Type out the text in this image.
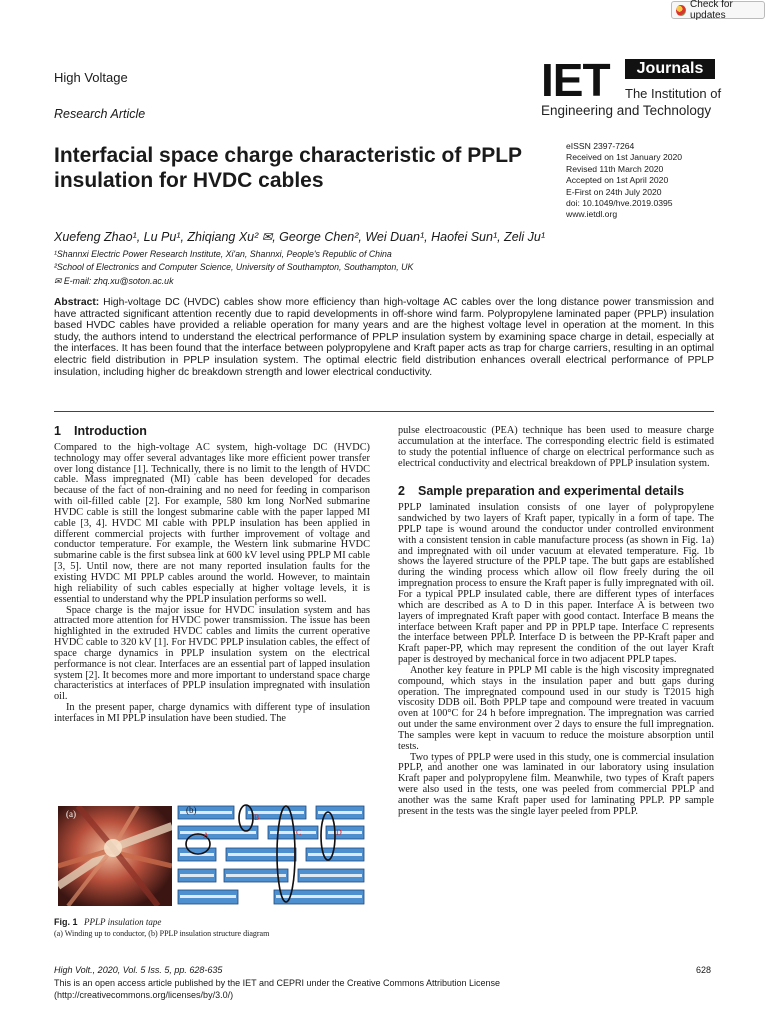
Check for updates
High Voltage
Research Article
IET	Journals
The Institution of
Engineering and Technology
Interfacial space charge characteristic of PPLP insulation for HVDC cables
eISSN 2397-7264
Received on 1st January 2020
Revised 11th March 2020
Accepted on 1st April 2020
E-First on 24th July 2020
doi: 10.1049/hve.2019.0395
www.ietdl.org
Xuefeng Zhao¹, Lu Pu¹, Zhiqiang Xu² ✉, George Chen², Wei Duan¹, Haofei Sun¹, Zeli Ju¹
¹Shannxi Electric Power Research Institute, Xi'an, Shannxi, People's Republic of China
²School of Electronics and Computer Science, University of Southampton, Southampton, UK
✉ E-mail: zhq.xu@soton.ac.uk
Abstract: High-voltage DC (HVDC) cables show more efficiency than high-voltage AC cables over the long distance power transmission and have attracted significant attention recently due to rapid developments in off-shore wind farm. Polypropylene laminated paper (PPLP) insulation based HVDC cables have provided a reliable operation for many years and are the highest voltage level in operation at the moment. In this study, the authors intend to understand the electrical performance of PPLP insulation system by examining space charge in detail, especially at the interfaces. It has been found that the interface between polypropylene and Kraft paper acts as trap for charge carriers, resulting in an optimal electric field distribution in PPLP insulation system. The optimal electric field distribution enhances overall electrical performance of PPLP insulation, including higher dc breakdown strength and lower electrical conductivity.
1 Introduction

Compared to the high-voltage AC system, high-voltage DC (HVDC) technology may offer several advantages like more efficient power transfer over long distance [1]. Technically, there is no limit to the length of HVDC cable. Mass impregnated (MI) cable has been developed for decades because of the fact of non-draining and no need for feeding in comparison with oil-filled cable [2]. For example, 580 km long NorNed submarine HVDC cable is still the longest submarine cable with the paper lapped MI cable [3, 4]. HVDC MI cable with PPLP insulation has been applied in different commercial projects with further improvement of voltage and conductor temperature. For example, the Western link submarine HVDC submarine cable is the first subsea link at 600 kV level using PPLP MI cable [3, 5]. Until now, there are not many reported insulation faults for the existing HVDC MI PPLP cables around the world. However, to maintain high reliability of such cables especially at higher voltage levels, it is essential to understand why the PPLP insulation performs so well.

Space charge is the major issue for HVDC insulation system and has attracted more attention for HVDC power transmission. The issue has been highlighted in the extruded HVDC cables and limits the current operative HVDC cable to 320 kV [1]. For HVDC PPLP insulation cables, the effect of space charge dynamics in PPLP insulation system on the electrical performance is not clear. Interfaces are an essential part of lapped insulation system [2]. It becomes more and more important to understand space charge characteristics at interfaces of PPLP insulation impregnated with insulation oil.

In the present paper, charge dynamics with different type of insulation interfaces in MI PPLP insulation have been studied. The

(a)	(b)
A
B
C	D
Fig. 1 PPLP insulation tape
(a) Winding up to conductor, (b) PPLP insulation structure diagram

pulse electroacoustic (PEA) technique has been used to measure charge accumulation at the interface. The corresponding electric field is estimated to study the potential influence of charge on electrical performance such as electrical conductivity and electrical breakdown of PPLP insulation system.

2 Sample preparation and experimental details

PPLP laminated insulation consists of one layer of polypropylene sandwiched by two layers of Kraft paper, typically in a form of tape. The PPLP tape is wound around the conductor under controlled environment with a consistent tension in cable manufacture process (as shown in Fig. 1a) and impregnated with oil under vacuum at elevated temperature. Fig. 1b shows the layered structure of the PPLP tape. The butt gaps are established during the winding process which allow oil flow freely during the oil impregnation process to ensure the Kraft paper is fully impregnated with oil. For a typical PPLP insulated cable, there are different types of interfaces which are described as A to D in this paper. Interface A is between two layers of impregnated Kraft paper with good contact. Interface B means the interface between Kraft paper and PP in PPLP tape. Interface C represents the interface between PPLP. Interface D is between the PP-Kraft paper and Kraft paper-PP, which may represent the condition of the out layer Kraft paper is destroyed by mechanical force in two adjacent PPLP tapes.

Another key feature in PPLP MI cable is the high viscosity impregnated compound, which stays in the insulation paper and butt gaps during operation. The impregnated compound used in our study is T2015 high viscosity DDB oil. Both PPLP tape and compound were treated in vacuum oven at 100°C for 24 h before impregnation. The impregnation was carried out under the same environment over 2 days to ensure the full impregnation. The samples were kept in vacuum to reduce the moisture absorption until tests.

Two types of PPLP were used in this study, one is commercial insulation PPLP, and another one was laminated in our laboratory using insulation Kraft paper and polypropylene film. Meanwhile, two types of Kraft papers were also used in the tests, one was peeled from commercial PPLP and another was the same Kraft paper used for laminating PPLP. PP sample present in the tests was the single layer peeled from PPLP.

High Volt., 2020, Vol. 5 Iss. 5, pp. 628-635	628
This is an open access article published by the IET and CEPRI under the Creative Commons Attribution License
(http://creativecommons.org/licenses/by/3.0/)
